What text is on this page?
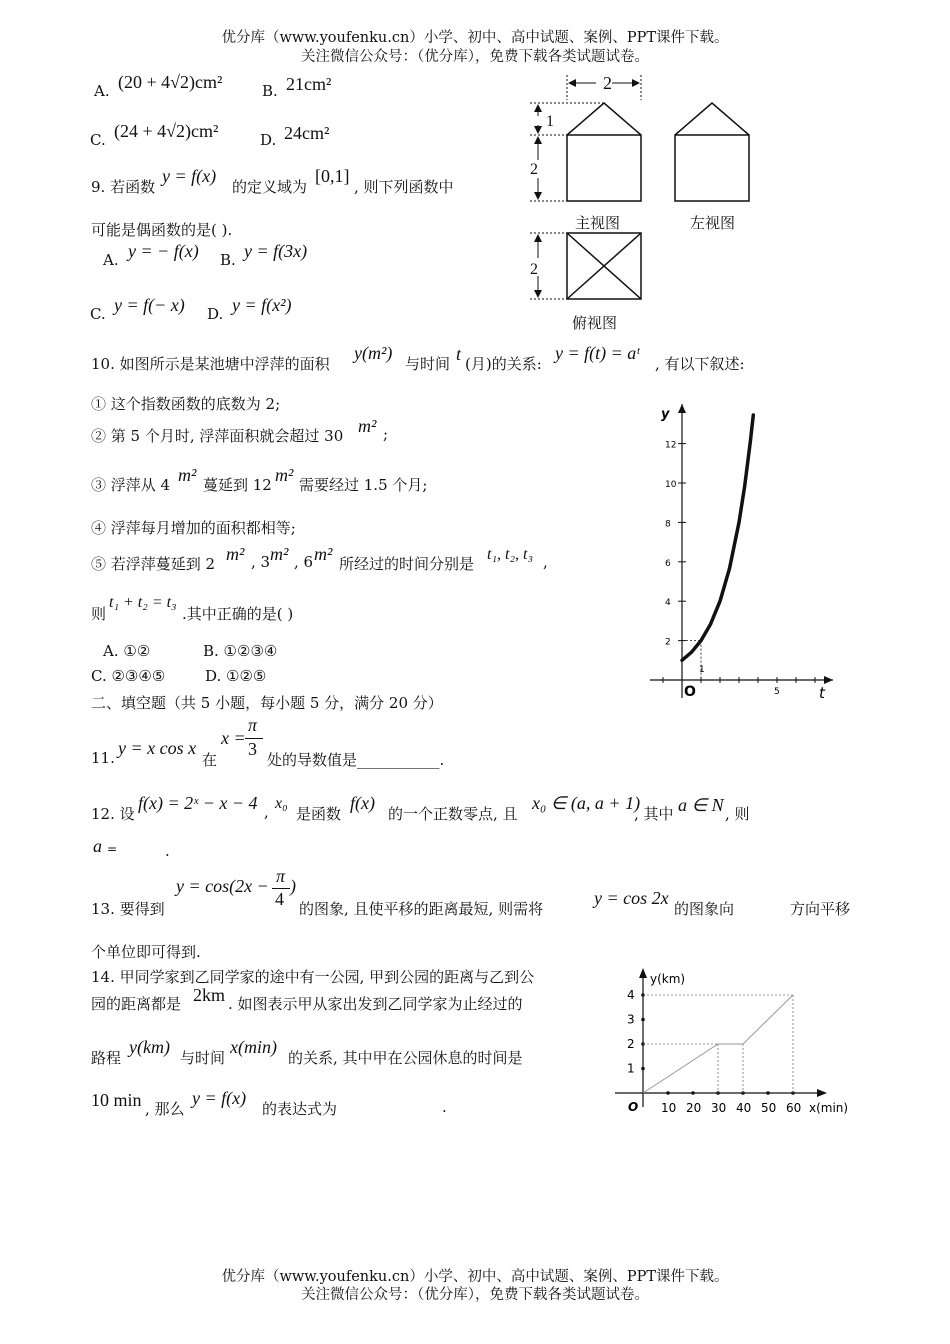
优分库（www.youfenku.cn）小学、初中、高中试题、案例、PPT课件下载。
关注微信公众号：（优分库），免费下载各类试题试卷。
A. (20 + 4√2)cm²	B. 21cm²
C. (24 + 4√2)cm²	D. 24cm²
2
1
2
2
主视图	左视图
俯视图
9. 若函数
y = f(x)
的定义域为
[0,1]
, 则下列函数中
可能是偶函数的是( ).
A. y = − f(x) B. y = f(3x)
C. y = f(− x) D. y = f(x²)
10. 如图所示是某池塘中浮萍的面积
y(m²)
与时间 t (月)的关系:
y = f(t) = aᵗ
, 有以下叙述:
① 这个指数函数的底数为 2;
② 第 5 个月时, 浮萍面积就会超过 30 m² ;
③ 浮萍从 4 m² 蔓延到 12 m² 需要经过 1.5 个月;
④ 浮萍每月增加的面积都相等;
⑤ 若浮萍蔓延到 2 m² , 3 m² , 6 m² 所经过的时间分别是
t₁, t₂, t₃ ,
则
t₁ + t₂ = t₃
.其中正确的是( )
A. ①②	B. ①②③④
C. ②③④⑤	D. ①②⑤
y
t
2
4
6
8
10
12
O
1
5
二、填空题（共 5 小题，每小题 5 分，满分 20 分）
11. y = x cos x
在
x =
π
3
处的导数值是___________.
12. 设
f(x) = 2ˣ − x − 4 , x₀
是函数
f(x)
的一个正数零点, 且
x₀ ∈ (a, a + 1)
, 其中 a ∈ N , 则
a =	.
13. 要得到
y = cos(2x − π
4
)
的图象, 且使平移的距离最短, 则需将
y = cos 2x
的图象向	方向平移
个单位即可得到.
14. 甲同学家到乙同学家的途中有一公园, 甲到公园的距离与乙到公
园的距离都是 2km . 如图表示甲从家出发到乙同学家为止经过的
路程
y(km)
与时间
x(min)
的关系, 其中甲在公园休息的时间是
10 min , 那么
y = f(x)
的表达式为	.
y(km)
x(min)
O
1
2
3
4
10 20 30 40 50 60
优分库（www.youfenku.cn）小学、初中、高中试题、案例、PPT课件下载。
关注微信公众号：（优分库），免费下载各类试题试卷。
